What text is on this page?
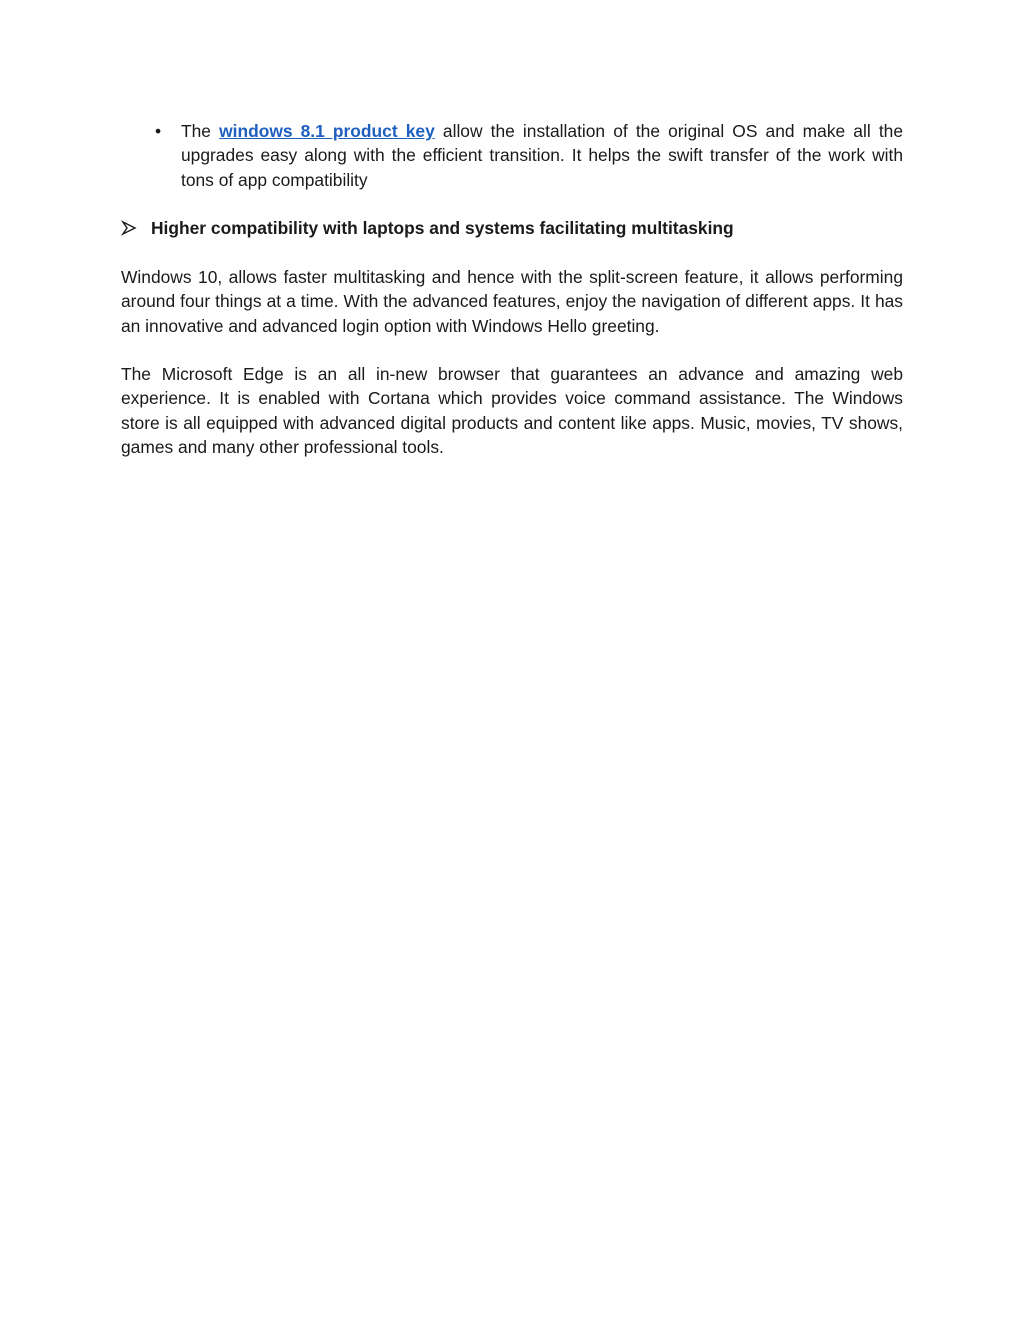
•	The windows 8.1 product key allow the installation of the original OS and make all the upgrades easy along with the efficient transition. It helps the swift transfer of the work with tons of app compatibility
Higher compatibility with laptops and systems facilitating multitasking

Windows 10, allows faster multitasking and hence with the split-screen feature, it allows performing around four things at a time. With the advanced features, enjoy the navigation of different apps. It has an innovative and advanced login option with Windows Hello greeting.

The Microsoft Edge is an all in-new browser that guarantees an advance and amazing web experience. It is enabled with Cortana which provides voice command assistance. The Windows store is all equipped with advanced digital products and content like apps. Music, movies, TV shows, games and many other professional tools.
